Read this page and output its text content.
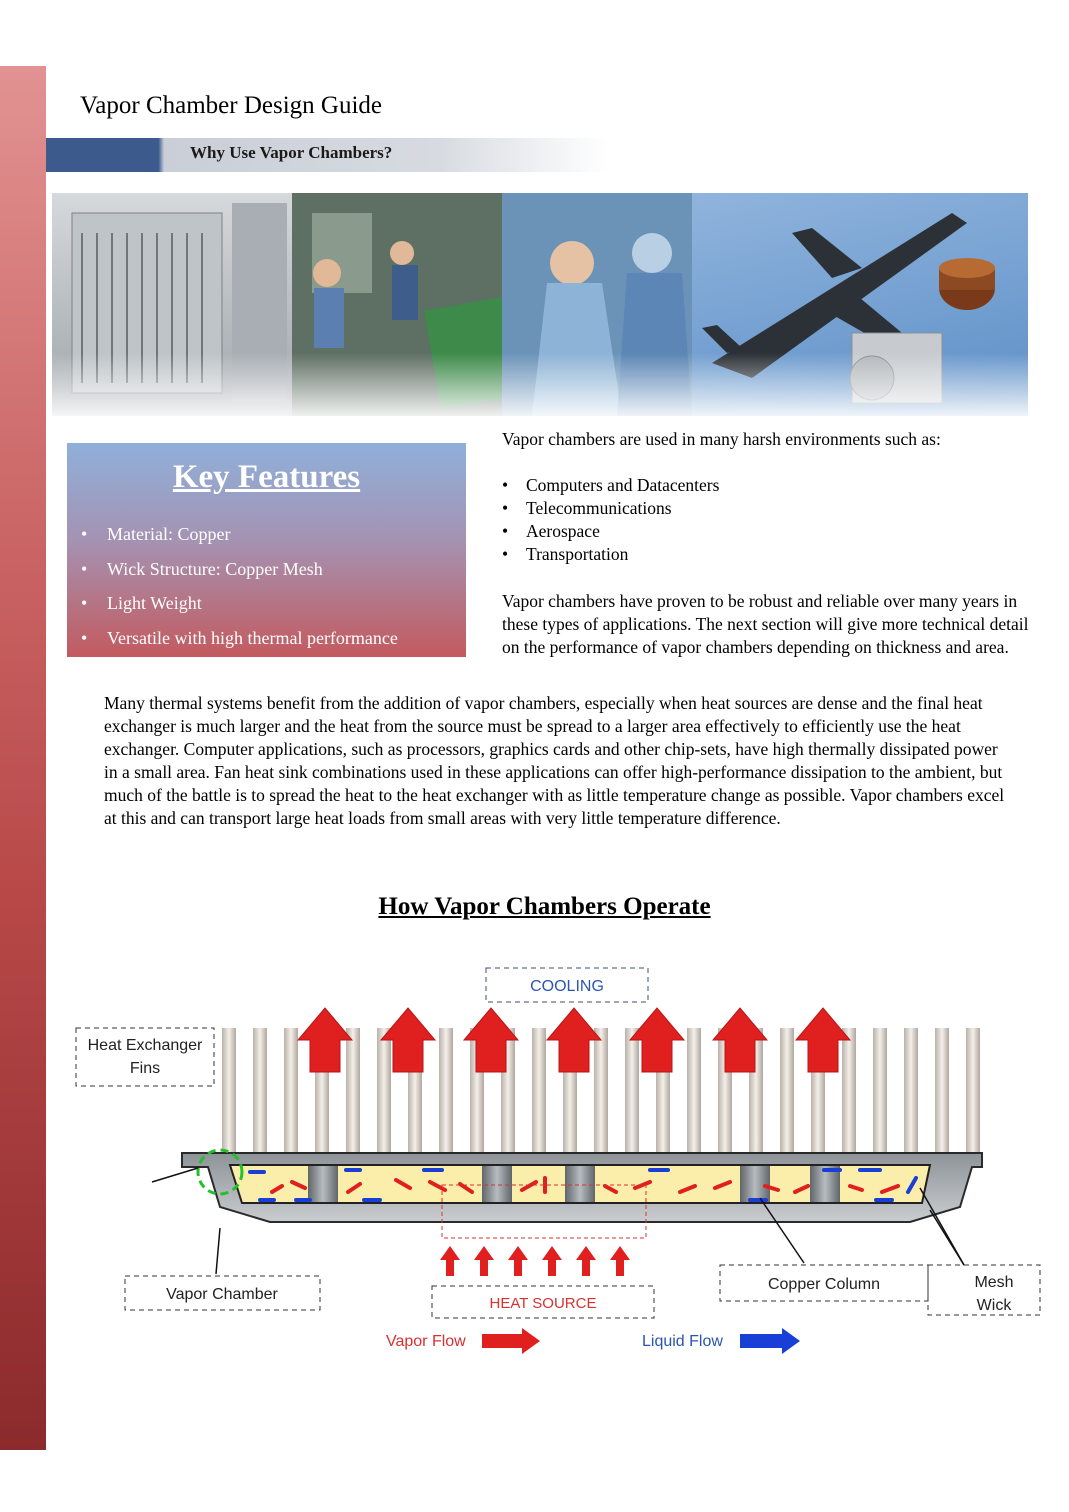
Vapor Chamber Design Guide
Why Use Vapor Chambers?
Key Features
• Material: Copper
• Wick Structure: Copper Mesh
• Light Weight
• Versatile with high thermal performance
Vapor chambers are used in many harsh environments such as:
• Computers and Datacenters
• Telecommunications
• Aerospace
• Transportation
Vapor chambers have proven to be robust and reliable over many years in these types of applications. The next section will give more technical detail on the performance of vapor chambers depending on thickness and area.
Many thermal systems benefit from the addition of vapor chambers, especially when heat sources are dense and the final heat exchanger is much larger and the heat from the source must be spread to a larger area effectively to efficiently use the heat exchanger. Computer applications, such as processors, graphics cards and other chip-sets, have high thermally dissipated power in a small area. Fan heat sink combinations used in these applications can offer high-performance dissipation to the ambient, but much of the battle is to spread the heat to the heat exchanger with as little temperature change as possible. Vapor chambers excel at this and can transport large heat loads from small areas with very little temperature difference.
How Vapor Chambers Operate
COOLING
Heat Exchanger
Fins
Vapor Chamber
HEAT SOURCE
Copper Column	Mesh
Wick
Vapor Flow	Liquid Flow
